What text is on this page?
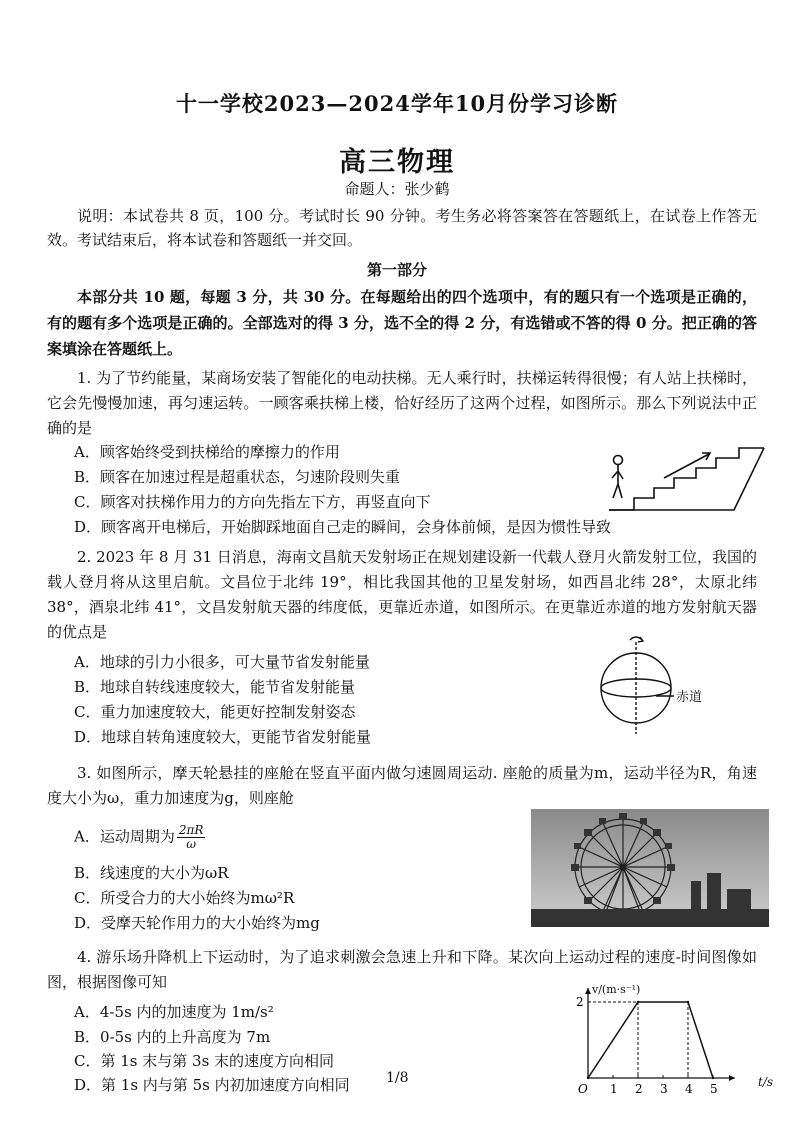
十一学校2023—2024学年10月份学习诊断
高三物理
命题人：张少鹤
说明：本试卷共 8 页，100 分。考试时长 90 分钟。考生务必将答案答在答题纸上，在试卷上作答无效。考试结束后，将本试卷和答题纸一并交回。
第一部分
本部分共 10 题，每题 3 分，共 30 分。在每题给出的四个选项中，有的题只有一个选项是正确的，有的题有多个选项是正确的。全部选对的得 3 分，选不全的得 2 分，有选错或不答的得 0 分。把正确的答案填涂在答题纸上。
1. 为了节约能量，某商场安装了智能化的电动扶梯。无人乘行时，扶梯运转得很慢；有人站上扶梯时，它会先慢慢加速，再匀速运转。一顾客乘扶梯上楼，恰好经历了这两个过程，如图所示。那么下列说法中正确的是
A．顾客始终受到扶梯给的摩擦力的作用
B．顾客在加速过程是超重状态，匀速阶段则失重
C．顾客对扶梯作用力的方向先指左下方，再竖直向下
D．顾客离开电梯后，开始脚踩地面自己走的瞬间，会身体前倾，是因为惯性导致
2. 2023 年 8 月 31 日消息，海南文昌航天发射场正在规划建设新一代载人登月火箭发射工位，我国的载人登月将从这里启航。文昌位于北纬 19°，相比我国其他的卫星发射场，如西昌北纬 28°，太原北纬 38°，酒泉北纬 41°，文昌发射航天器的纬度低，更靠近赤道，如图所示。在更靠近赤道的地方发射航天器的优点是
A．地球的引力小很多，可大量节省发射能量
B．地球自转线速度较大，能节省发射能量
C．重力加速度较大，能更好控制发射姿态
D．地球自转角速度较大，更能节省发射能量
赤道
3. 如图所示，摩天轮悬挂的座舱在竖直平面内做匀速圆周运动. 座舱的质量为m，运动半径为R，角速度大小为ω，重力加速度为g，则座舱
A．运动周期为 $\frac{2\pi R}{\omega}$
B．线速度的大小为ωR
C．所受合力的大小始终为mω²R
D．受摩天轮作用力的大小始终为mg
4. 游乐场升降机上下运动时，为了追求刺激会急速上升和下降。某次向上运动过程的速度-时间图像如图，根据图像可知
A．4-5s 内的加速度为 1m/s²
B．0-5s 内的上升高度为 7m
C．第 1s 末与第 3s 末的速度方向相同
D．第 1s 内与第 5s 内初加速度方向相同	O 1 2 3 4 5
2
v/(m·s⁻¹)
t/s
1/8
